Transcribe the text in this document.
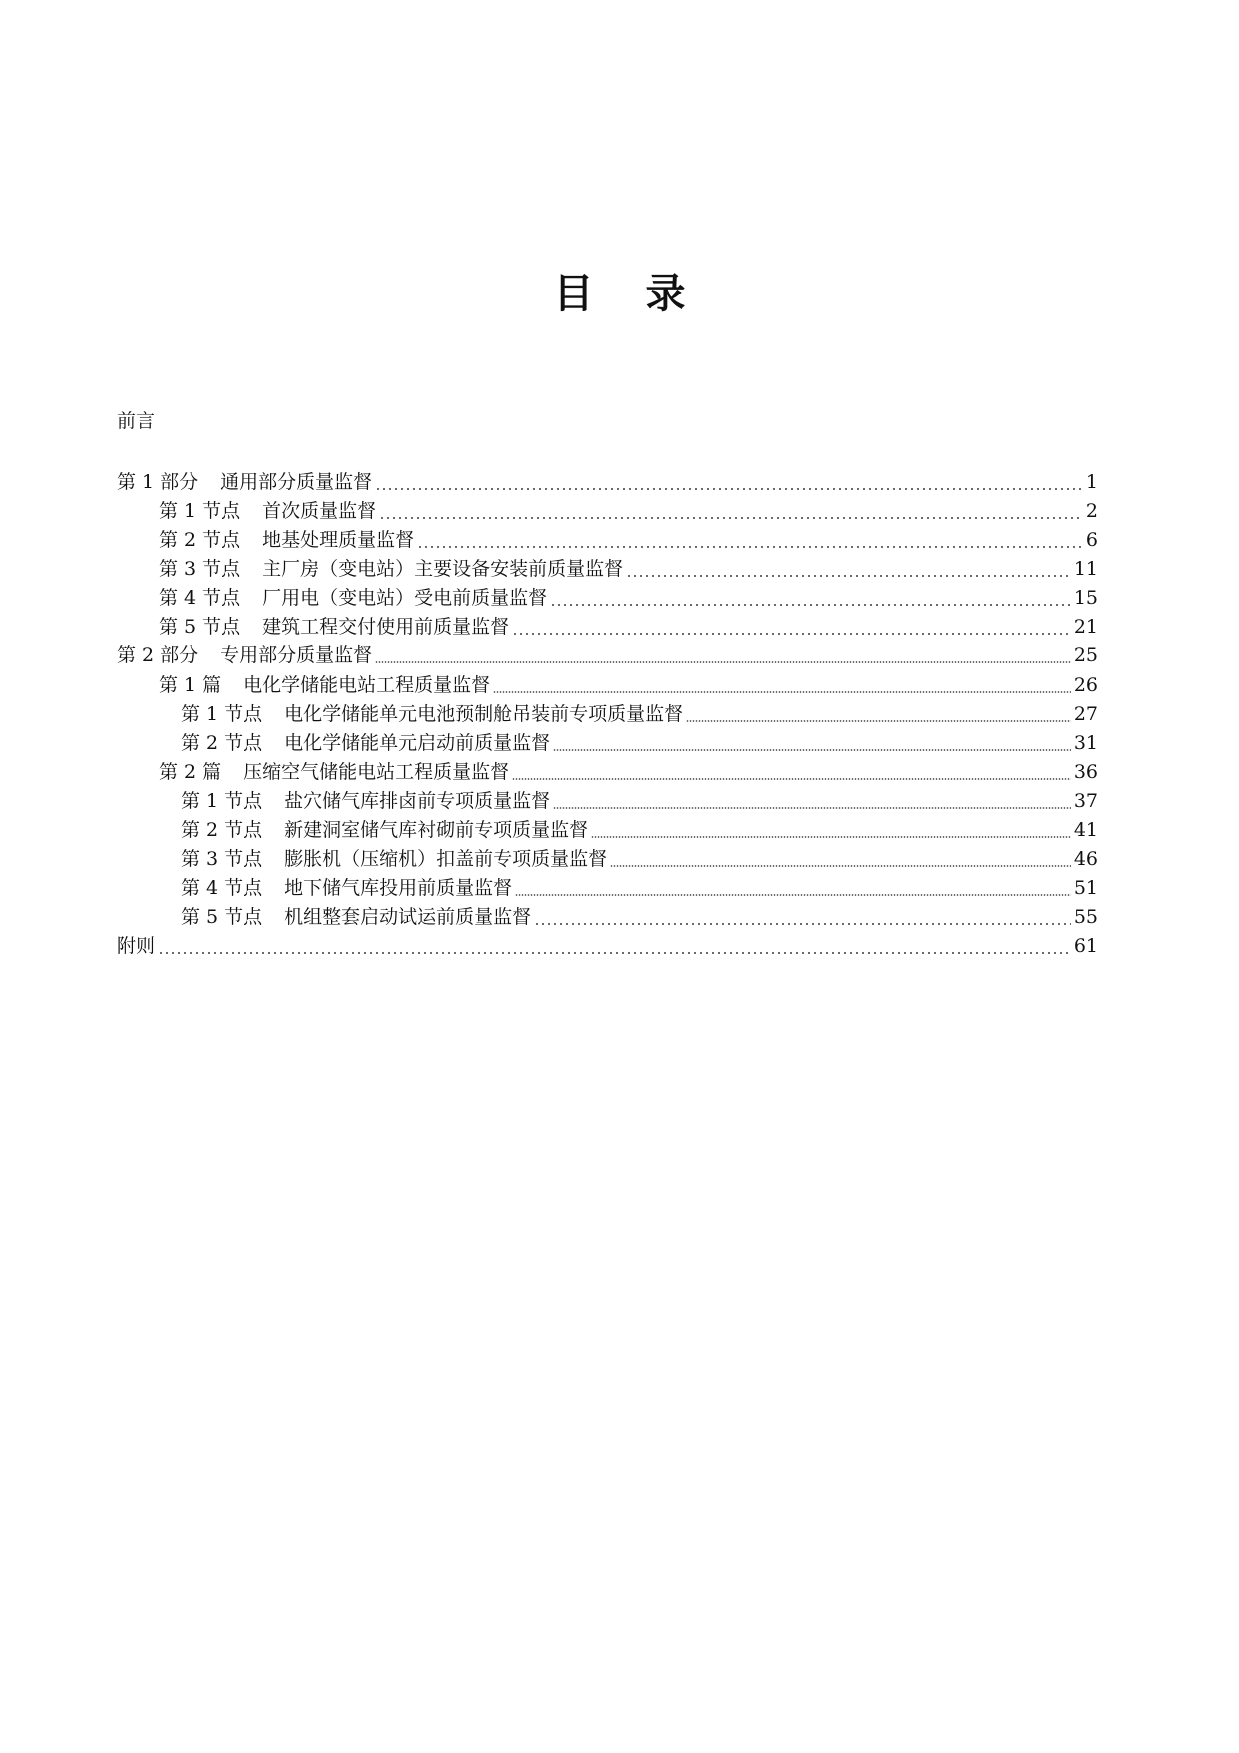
目 录
前言
第 1 部分 通用部分质量监督	1
第 1 节点 首次质量监督	2
第 2 节点 地基处理质量监督	6
第 3 节点 主厂房（变电站）主要设备安装前质量监督	11
第 4 节点 厂用电（变电站）受电前质量监督	15
第 5 节点 建筑工程交付使用前质量监督	21
第 2 部分 专用部分质量监督	25
第 1 篇 电化学储能电站工程质量监督	26
第 1 节点 电化学储能单元电池预制舱吊装前专项质量监督	27
第 2 节点 电化学储能单元启动前质量监督	31
第 2 篇 压缩空气储能电站工程质量监督	36
第 1 节点 盐穴储气库排卤前专项质量监督	37
第 2 节点 新建洞室储气库衬砌前专项质量监督	41
第 3 节点 膨胀机（压缩机）扣盖前专项质量监督	46
第 4 节点 地下储气库投用前质量监督	51
第 5 节点 机组整套启动试运前质量监督	55
附则	61
